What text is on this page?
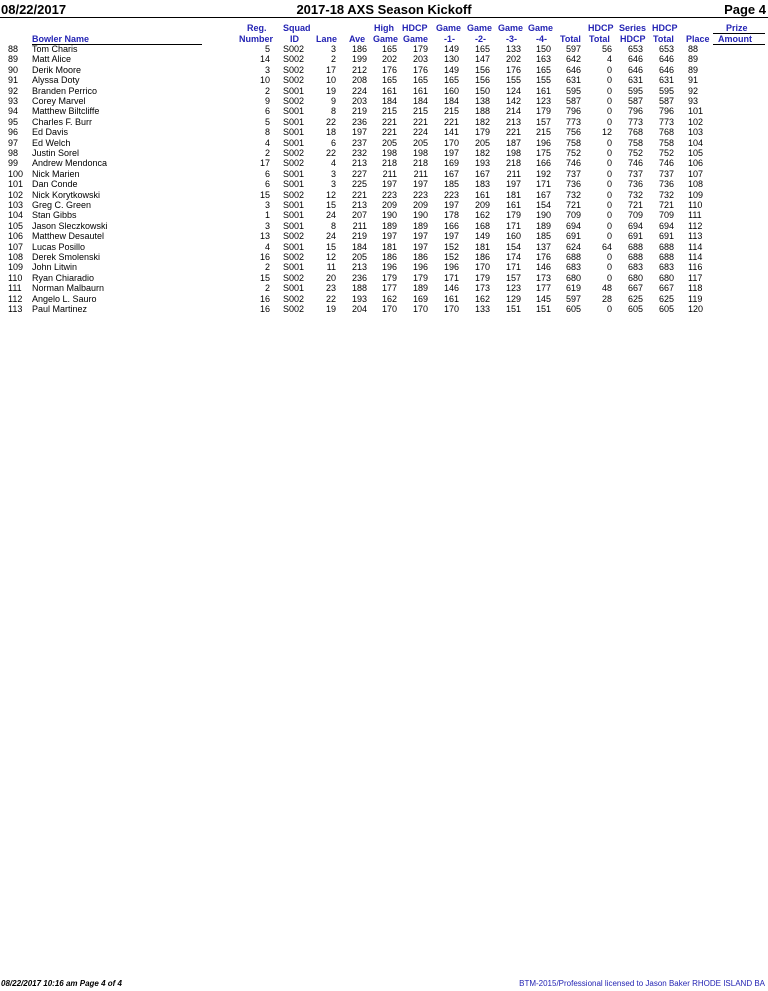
08/22/2017	2017-18 AXS Season Kickoff	Page 4
Reg. Squad	High HDCP Game Game Game Game	HDCP Series HDCP	Prize
Bowler Name	Number ID Lane Ave Game Game -1- -2- -3- -4- Total Total HDCP Total Place Amount
88	Tom Charis	5 S002	3	186	165	179	149	165	133	150	597	56	653	653 88
89	Matt Alice	14 S002	2	199	202	203	130	147	202	163	642	4	646	646 89
90	Derik Moore	3 S002	17	212	176	176	149	156	176	165	646	0	646	646 89
91	Alyssa Doty	10 S002	10	208	165	165	165	156	155	155	631	0	631	631 91
92	Branden Perrico	2 S001	19	224	161	161	160	150	124	161	595	0	595	595 92
93	Corey Marvel	9 S002	9	203	184	184	184	138	142	123	587	0	587	587 93
94	Matthew Biltcliffe	6 S001	8	219	215	215	215	188	214	179	796	0	796	796 101
95	Charles F. Burr	5 S001	22	236	221	221	221	182	213	157	773	0	773	773 102
96	Ed Davis	8 S001	18	197	221	224	141	179	221	215	756	12	768	768 103
97	Ed Welch	4 S001	6	237	205	205	170	205	187	196	758	0	758	758 104
98	Justin Sorel	2 S002	22	232	198	198	197	182	198	175	752	0	752	752 105
99	Andrew Mendonca	17 S002	4	213	218	218	169	193	218	166	746	0	746	746 106
100 Nick Marien	6 S001	3	227	211	211	167	167	211	192	737	0	737	737 107
101 Dan Conde	6 S001	3	225	197	197	185	183	197	171	736	0	736	736 108
102 Nick Korytkowski	15 S002	12	221	223	223	223	161	181	167	732	0	732	732 109
103 Greg C. Green	3 S001	15	213	209	209	197	209	161	154	721	0	721	721 110
104 Stan Gibbs	1 S001	24	207	190	190	178	162	179	190	709	0	709	709 111
105 Jason Sleczkowski	3 S001	8	211	189	189	166	168	171	189	694	0	694	694 112
106 Matthew Desautel	13 S002	24	219	197	197	197	149	160	185	691	0	691	691 113
107 Lucas Posillo	4 S001	15	184	181	197	152	181	154	137	624	64	688	688 114
108 Derek Smolenski	16 S002	12	205	186	186	152	186	174	176	688	0	688	688 114
109 John Litwin	2 S001	11	213	196	196	196	170	171	146	683	0	683	683 116
110	Ryan Chiaradio	15 S002	20	236	179	179	171	179	157	173	680	0	680	680 117
111	Norman Malbaurn	2 S001	23	188	177	189	146	173	123	177	619	48	667	667 118
112	Angelo L. Sauro	16 S002	22	193	162	169	161	162	129	145	597	28	625	625 119
113	Paul Martinez	16 S002	19	204	170	170	170	133	151	151	605	0	605	605 120
08/22/2017 10:16 am Page 4 of 4	BTM-2015/Professional licensed to Jason Baker RHODE ISLAND BA
